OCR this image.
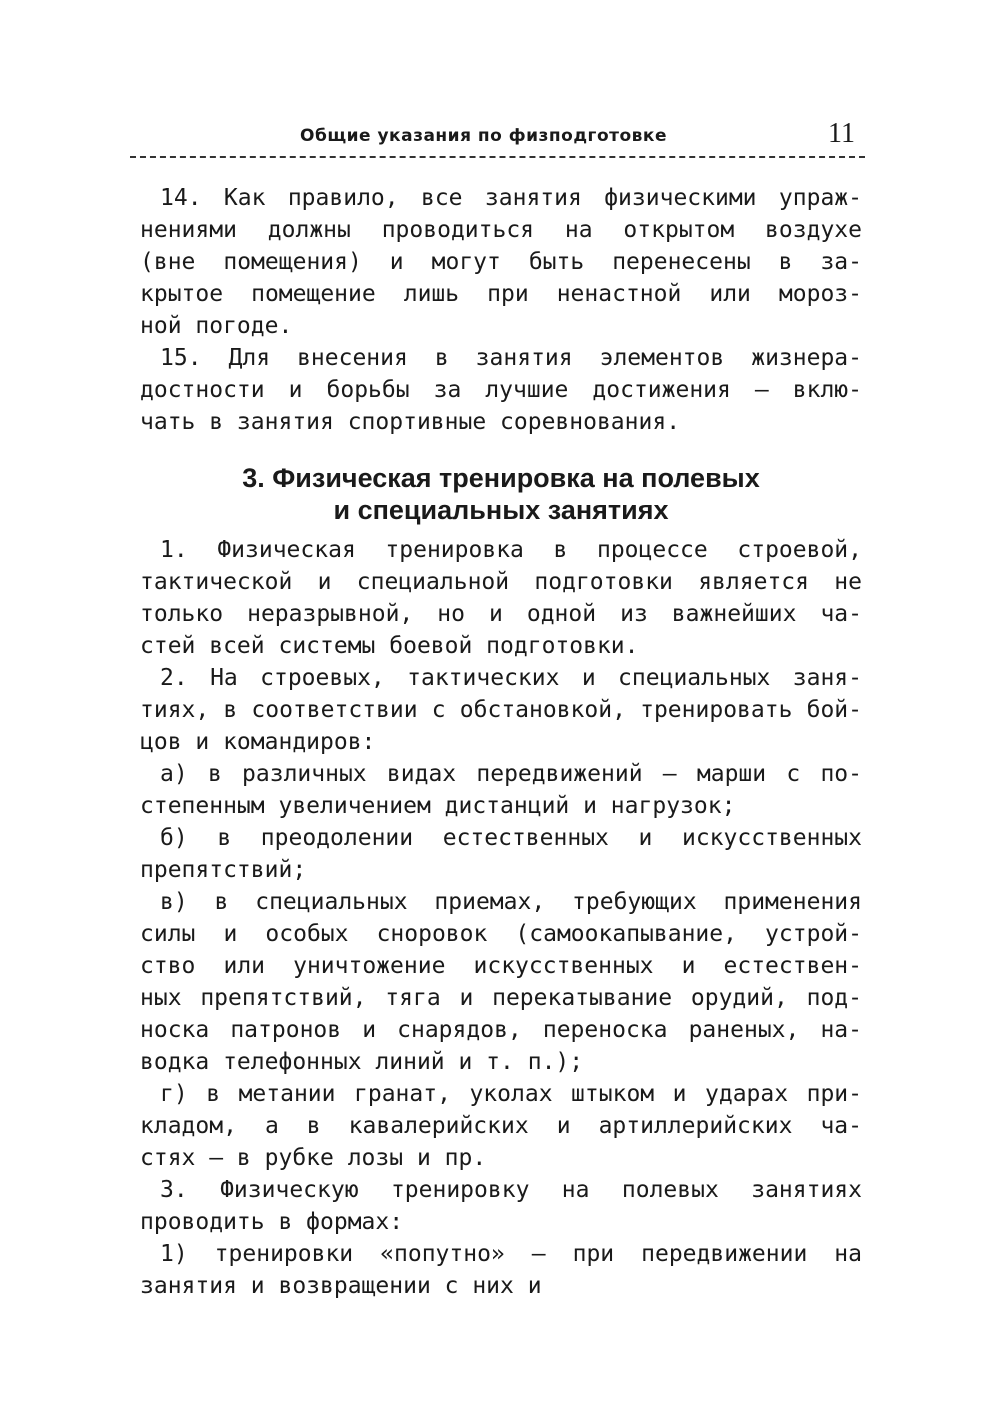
Общие указания по физподготовке	11
14. Как правило, все занятия физическими упраж-
нениями должны проводиться на открытом воздухе
(вне помещения) и могут быть перенесены в за-
крытое помещение лишь при ненастной или мороз-
ной погоде.
15. Для внесения в занятия элементов жизнера-
достности и борьбы за лучшие достижения — вклю-
чать в занятия спортивные соревнования.
1. Физическая тренировка в процессе строевой,
тактической и специальной подготовки является не
только неразрывной, но и одной из важнейших ча-
стей всей системы боевой подготовки.
2. На строевых, тактических и специальных заня-
тиях, в соответствии с обстановкой, тренировать бой-
цов и командиров:
а) в различных видах передвижений — марши с по-
степенным увеличением дистанций и нагрузок;
б) в преодолении естественных и искусственных
препятствий;
в) в специальных приемах, требующих применения
силы и особых сноровок (самоокапывание, устрой-
ство или уничтожение искусственных и естествен-
ных препятствий, тяга и перекатывание орудий, под-
носка патронов и снарядов, переноска раненых, на-
водка телефонных линий и т. п.);
г) в метании гранат, уколах штыком и ударах при-
кладом, а в кавалерийских и артиллерийских ча-
стях — в рубке лозы и пр.
3. Физическую тренировку на полевых занятиях
проводить в формах:
1) тренировки «попутно» — при передвижении на
занятия и возвращении с них и
3. Физическая тренировка на полевых
и специальных занятиях
